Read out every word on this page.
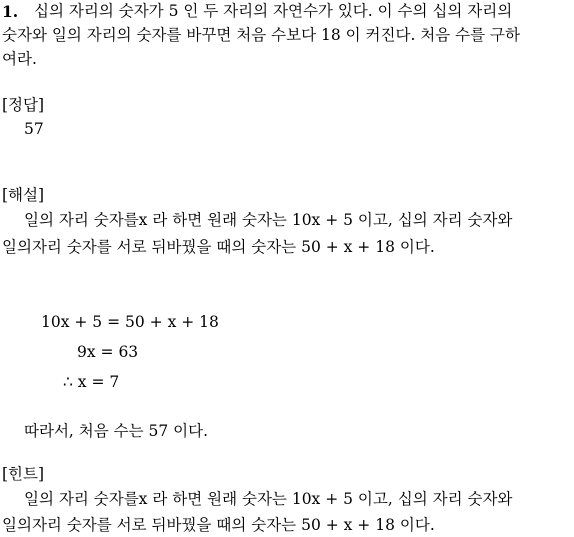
1. 십의 자리의 숫자가 5 인 두 자리의 자연수가 있다. 이 수의 십의 자리의
숫자와 일의 자리의 숫자를 바꾸면 처음 수보다 18 이 커진다. 처음 수를 구하
여라.
[정답]
57
[해설]
일의 자리 숫자를x 라 하면 원래 숫자는 10x + 5 이고, 십의 자리 숫자와
일의자리 숫자를 서로 뒤바꿨을 때의 숫자는 50 + x + 18 이다.
10x + 5 = 50 + x + 18
9x = 63
∴ x = 7
따라서, 처음 수는 57 이다.
[힌트]
일의 자리 숫자를x 라 하면 원래 숫자는 10x + 5 이고, 십의 자리 숫자와
일의자리 숫자를 서로 뒤바꿨을 때의 숫자는 50 + x + 18 이다.
